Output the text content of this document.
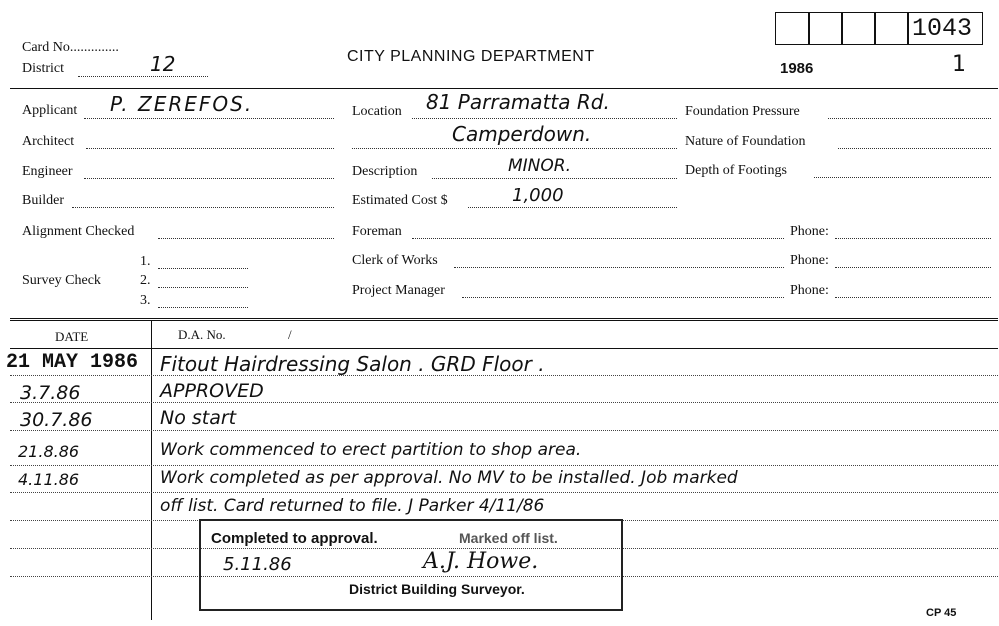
Card No..............
District	12	CITY PLANNING DEPARTMENT
1986	1
1043
Applicant P. ZEREFOS.
Architect
Engineer
Builder
Alignment Checked
Survey Check
1.
2.
3.
Location 81 Parramatta Rd.
Camperdown.
Description	MINOR.
Estimated Cost $	1,000
Foreman
Clerk of Works
Project Manager
Foundation Pressure
Nature of Foundation
Depth of Footings
Phone:
Phone:
Phone:
DATE	D.A. No.	/
21 MAY 1986 Fitout Hairdressing Salon . GRD Floor .
3.7.86	APPROVED
30.7.86	No start
21.8.86	Work commenced to erect partition to shop area.
4.11.86	Work completed as per approval. No MV to be installed. Job marked
off list. Card returned to file. J Parker 4/11/86
Completed to approval.	Marked off list.
5.11.86	A.J. Howe.
District Building Surveyor.
CP 45
